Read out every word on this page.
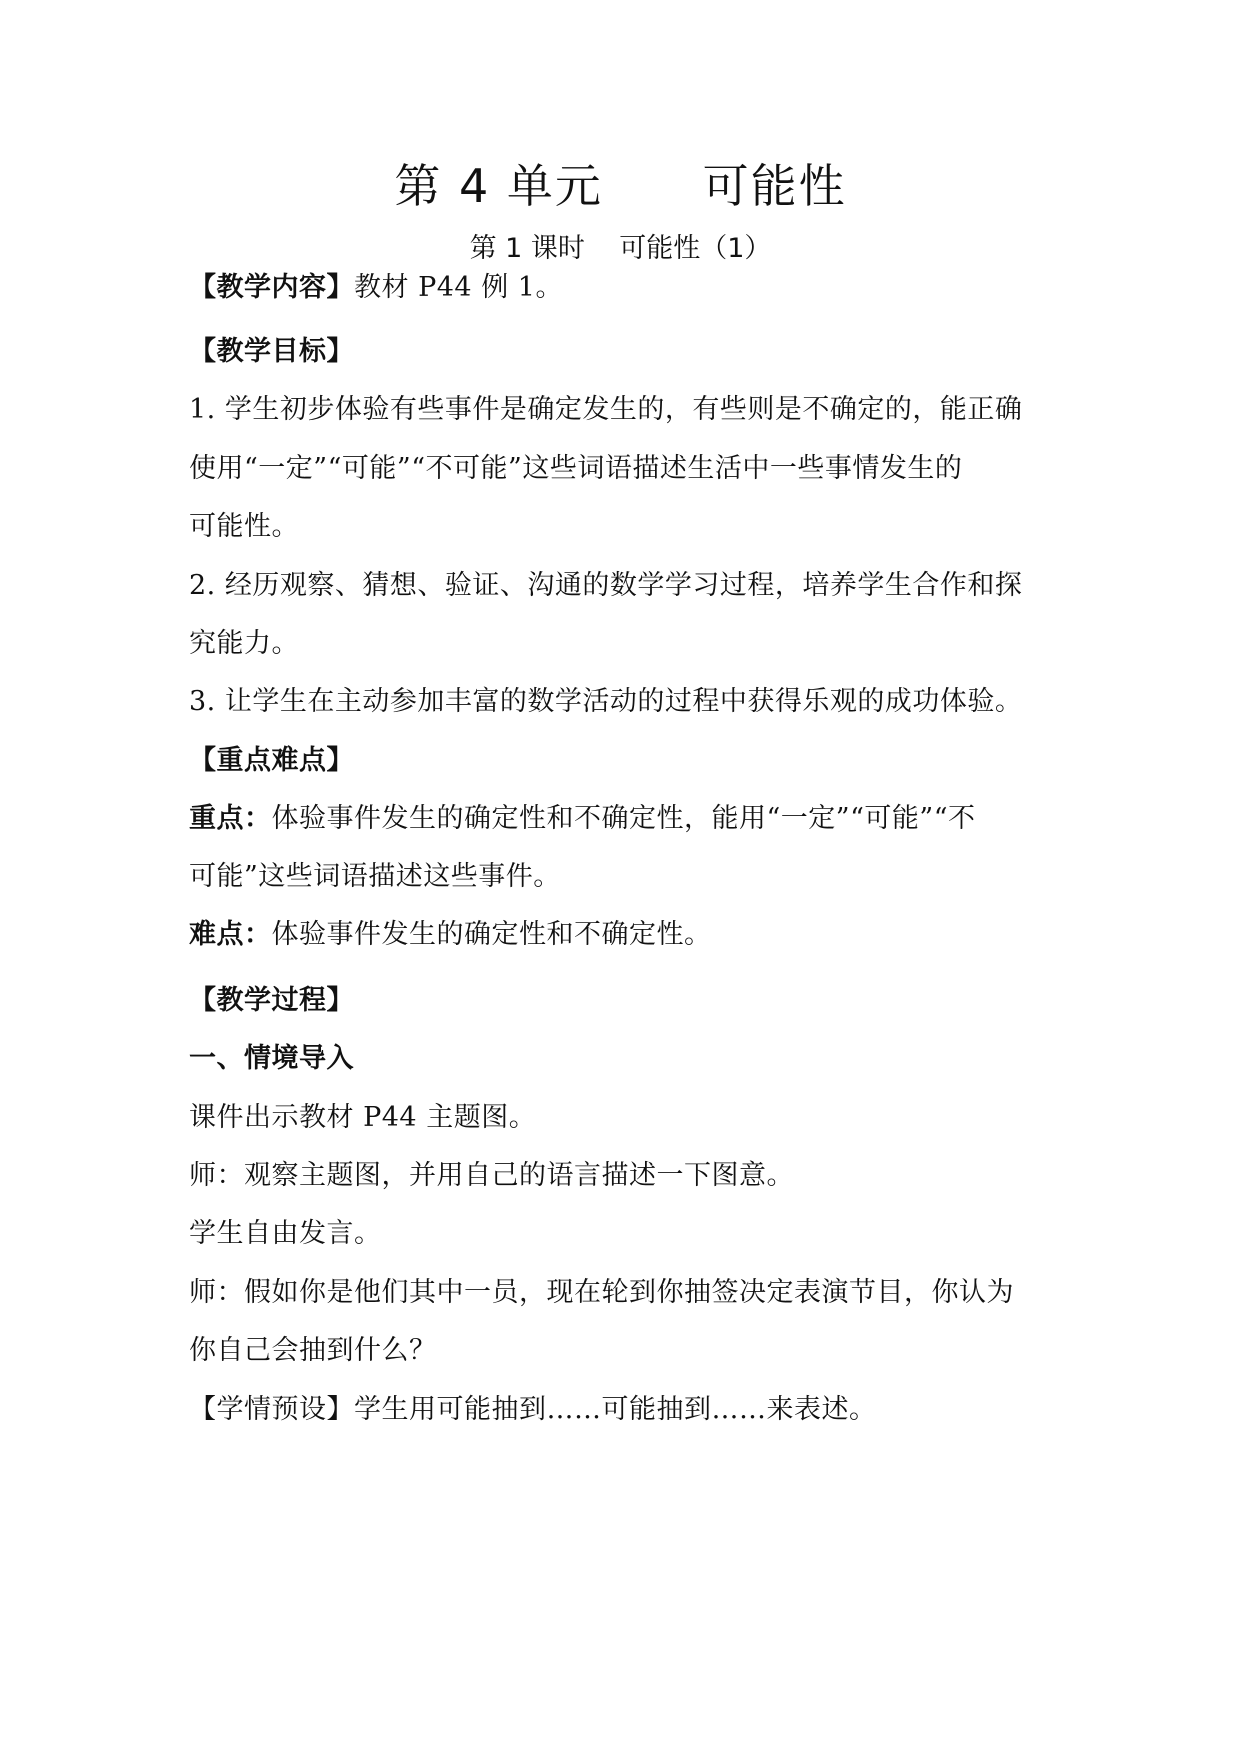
第 4 单元      可能性
第 1 课时    可能性（1）
【教学内容】教材 P44 例 1。
【教学目标】
1. 学生初步体验有些事件是确定发生的，有些则是不确定的，能正确
使用“一定”“可能”“不可能”这些词语描述生活中一些事情发生的
可能性。
2. 经历观察、猜想、验证、沟通的数学学习过程，培养学生合作和探
究能力。
3. 让学生在主动参加丰富的数学活动的过程中获得乐观的成功体验。
【重点难点】
重点：体验事件发生的确定性和不确定性，能用“一定”“可能”“不
可能”这些词语描述这些事件。
难点：体验事件发生的确定性和不确定性。
【教学过程】
一、情境导入
课件出示教材 P44 主题图。
师：观察主题图，并用自己的语言描述一下图意。
学生自由发言。
师：假如你是他们其中一员，现在轮到你抽签决定表演节目，你认为
你自己会抽到什么？
【学情预设】学生用可能抽到……可能抽到……来表述。
